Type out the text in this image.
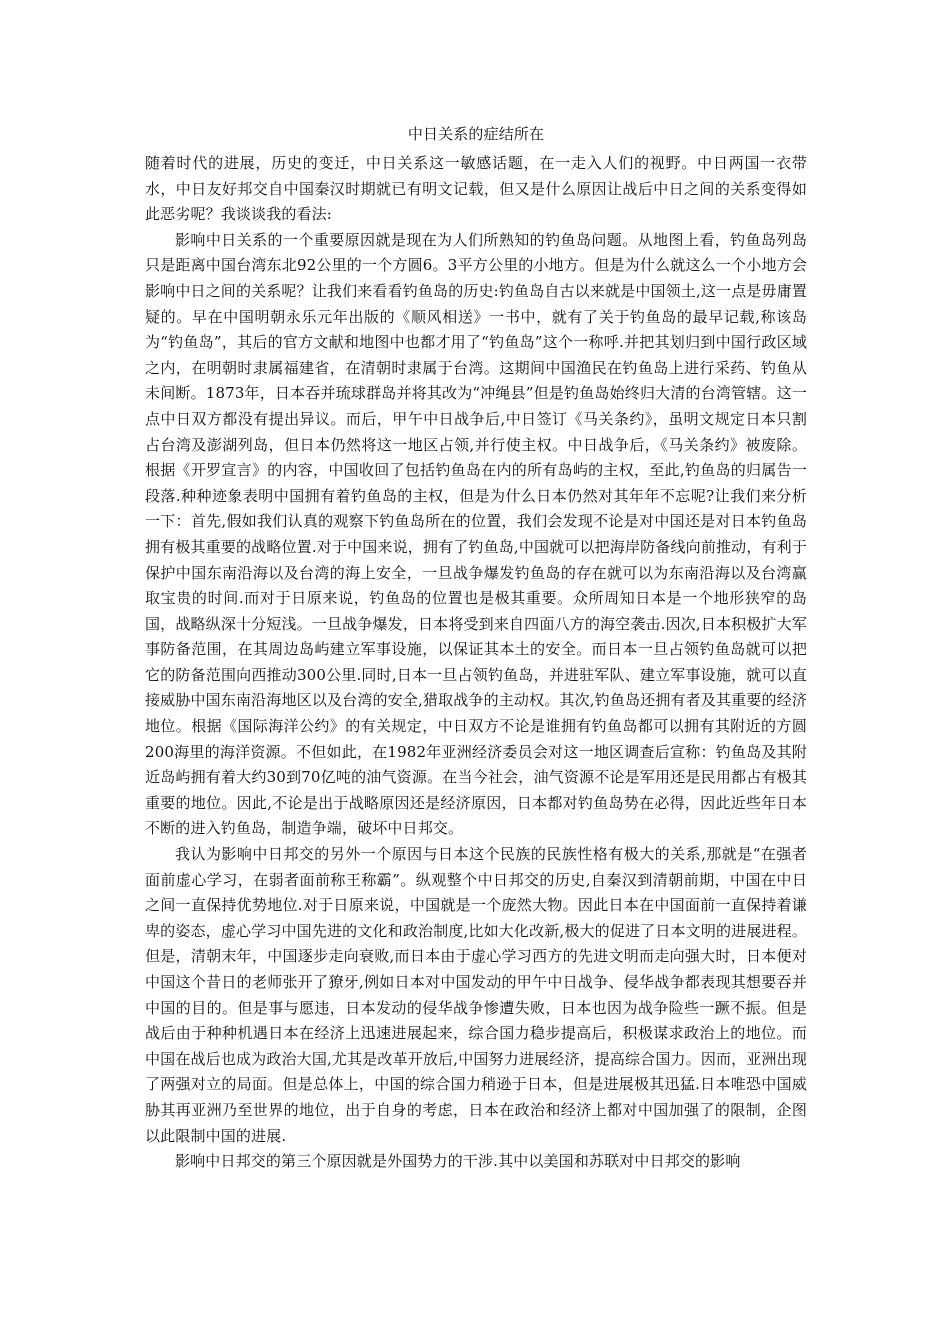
中日关系的症结所在

随着时代的进展，历史的变迁，中日关系这一敏感话题，在一走入人们的视野。中日两国一衣带水，中日友好邦交自中国秦汉时期就已有明文记载，但又是什么原因让战后中日之间的关系变得如此恶劣呢？我谈谈我的看法:

影响中日关系的一个重要原因就是现在为人们所熟知的钓鱼岛问题。从地图上看，钓鱼岛列岛只是距离中国台湾东北92公里的一个方圆6。3平方公里的小地方。但是为什么就这么一个小地方会影响中日之间的关系呢？让我们来看看钓鱼岛的历史:钓鱼岛自古以来就是中国领土,这一点是毋庸置疑的。早在中国明朝永乐元年出版的《顺风相送》一书中，就有了关于钓鱼岛的最早记载,称该岛为“钓鱼岛”，其后的官方文献和地图中也都才用了“钓鱼岛”这个一称呼.并把其划归到中国行政区域之内，在明朝时隶属福建省，在清朝时隶属于台湾。这期间中国渔民在钓鱼岛上进行采药、钓鱼从未间断。1873年，日本吞并琉球群岛并将其改为“冲绳县”但是钓鱼岛始终归大清的台湾管辖。这一点中日双方都没有提出异议。而后，甲午中日战争后,中日签订《马关条约》，虽明文规定日本只割占台湾及澎湖列岛，但日本仍然将这一地区占领,并行使主权。中日战争后，《马关条约》被废除。根据《开罗宣言》的内容，中国收回了包括钓鱼岛在内的所有岛屿的主权，至此,钓鱼岛的归属告一段落.种种迹象表明中国拥有着钓鱼岛的主权，但是为什么日本仍然对其年年不忘呢?让我们来分析一下：首先,假如我们认真的观察下钓鱼岛所在的位置，我们会发现不论是对中国还是对日本钓鱼岛拥有极其重要的战略位置.对于中国来说，拥有了钓鱼岛,中国就可以把海岸防备线向前推动，有利于保护中国东南沿海以及台湾的海上安全，一旦战争爆发钓鱼岛的存在就可以为东南沿海以及台湾赢取宝贵的时间.而对于日原来说，钓鱼岛的位置也是极其重要。众所周知日本是一个地形狭窄的岛国，战略纵深十分短浅。一旦战争爆发，日本将受到来自四面八方的海空袭击.因次,日本积极扩大军事防备范围，在其周边岛屿建立军事设施，以保证其本土的安全。而日本一旦占领钓鱼岛就可以把它的防备范围向西推动300公里.同时,日本一旦占领钓鱼岛，并进驻军队、建立军事设施，就可以直接威胁中国东南沿海地区以及台湾的安全,猎取战争的主动权。其次,钓鱼岛还拥有者及其重要的经济地位。根据《国际海洋公约》的有关规定，中日双方不论是谁拥有钓鱼岛都可以拥有其附近的方圆200海里的海洋资源。不但如此，在1982年亚洲经济委员会对这一地区调查后宣称：钓鱼岛及其附近岛屿拥有着大约30到70亿吨的油气资源。在当今社会，油气资源不论是军用还是民用都占有极其重要的地位。因此,不论是出于战略原因还是经济原因，日本都对钓鱼岛势在必得，因此近些年日本不断的进入钓鱼岛，制造争端，破坏中日邦交。

我认为影响中日邦交的另外一个原因与日本这个民族的民族性格有极大的关系,那就是“在强者面前虚心学习，在弱者面前称王称霸”。纵观整个中日邦交的历史,自秦汉到清朝前期，中国在中日之间一直保持优势地位.对于日原来说，中国就是一个庞然大物。因此日本在中国面前一直保持着谦卑的姿态，虚心学习中国先进的文化和政治制度,比如大化改新,极大的促进了日本文明的进展进程。但是，清朝末年，中国逐步走向衰败,而日本由于虚心学习西方的先进文明而走向强大时，日本便对中国这个昔日的老师张开了獠牙,例如日本对中国发动的甲午中日战争、侵华战争都表现其想要吞并中国的目的。但是事与愿违，日本发动的侵华战争惨遭失败，日本也因为战争险些一蹶不振。但是战后由于种种机遇日本在经济上迅速进展起来，综合国力稳步提高后，积极谋求政治上的地位。而中国在战后也成为政治大国,尤其是改革开放后,中国努力进展经济，提高综合国力。因而，亚洲出现了两强对立的局面。但是总体上，中国的综合国力稍逊于日本，但是进展极其迅猛.日本唯恐中国威胁其再亚洲乃至世界的地位，出于自身的考虑，日本在政治和经济上都对中国加强了的限制，企图以此限制中国的进展.

影响中日邦交的第三个原因就是外国势力的干涉.其中以美国和苏联对中日邦交的影响
